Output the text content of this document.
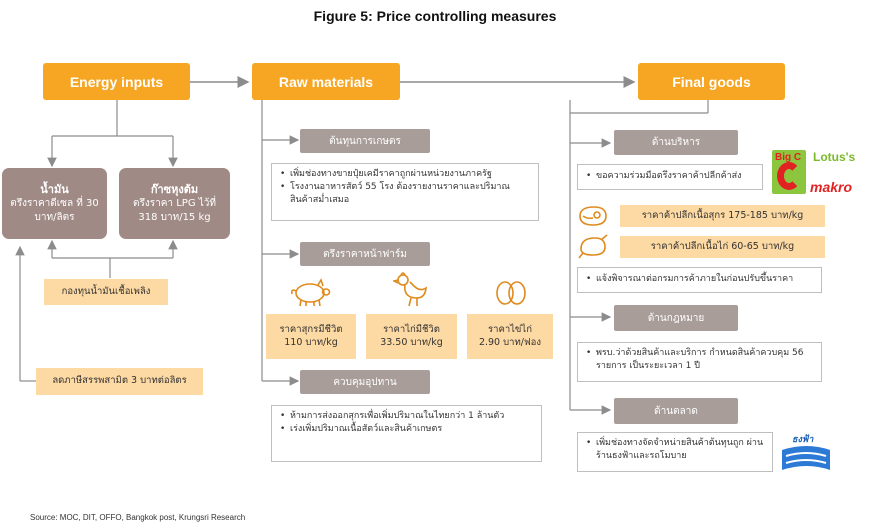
Figure 5: Price controlling measures
Energy inputs	Raw materials	Final goods
น้ำมัน
ตรึงราคาดีเซล ที่ 30 บาท/ลิตร
ก๊าซหุงต้ม
ตรึงราคา LPG ไว้ที่ 318 บาท/15 kg
กองทุนน้ำมันเชื้อเพลิง
ลดภาษีสรรพสามิต 3 บาทต่อลิตร
ต้นทุนการเกษตร
• เพิ่มช่องทางขายปุ๋ยเคมีราคาถูกผ่านหน่วยงานภาครัฐ
• โรงงานอาหารสัตว์ 55 โรง ต้องรายงานราคาและปริมาณสินค้าสม่ำเสมอ
ตรึงราคาหน้าฟาร์ม
ราคาสุกรมีชีวิต
110 บาท/kg
ราคาไก่มีชีวิต
33.50 บาท/kg
ราคาไข่ไก่
2.90 บาท/ฟอง
ควบคุมอุปทาน
• ห้ามการส่งออกสุกรเพื่อเพิ่มปริมาณในไทยกว่า 1 ล้านตัว
• เร่งเพิ่มปริมาณเนื้อสัตว์และสินค้าเกษตร
ด้านบริหาร
• ขอความร่วมมือตรึงราคาค้าปลีกค้าส่ง
Big C Lotus's
makro
ราคาค้าปลีกเนื้อสุกร 175-185 บาท/kg
ราคาค้าปลีกเนื้อไก่ 60-65 บาท/kg
• แจ้งพิจารณาต่อกรมการค้าภายในก่อนปรับขึ้นราคา
ด้านกฎหมาย
• พรบ.ว่าด้วยสินค้าและบริการ กำหนดสินค้าควบคุม 56 รายการ เป็นระยะเวลา 1 ปี
ด้านตลาด
• เพิ่มช่องทางจัดจำหน่ายสินค้าต้นทุนถูก ผ่านร้านธงฟ้าและรถโมบาย
ธงฟ้า
Source: MOC, DIT, OFFO, Bangkok post, Krungsri Research
